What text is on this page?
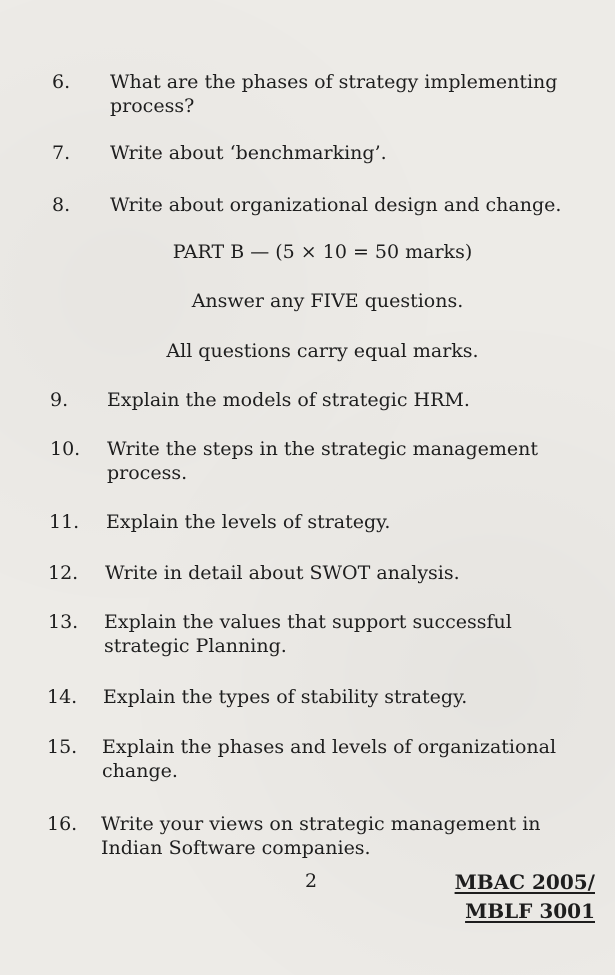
6. What are the phases of strategy implementing
process?
7. Write about ‘benchmarking’.
8. Write about organizational design and change.
PART B — (5 × 10 = 50 marks)
Answer any FIVE questions.
All questions carry equal marks.
9. Explain the models of strategic HRM.
10. Write the steps in the strategic management
process.
11. Explain the levels of strategy.
12. Write in detail about SWOT analysis.
13. Explain the values that support successful
strategic Planning.
14. Explain the types of stability strategy.
15. Explain the phases and levels of organizational
change.
16. Write your views on strategic management in
Indian Software companies.
2	MBAC 2005/
MBLF 3001
